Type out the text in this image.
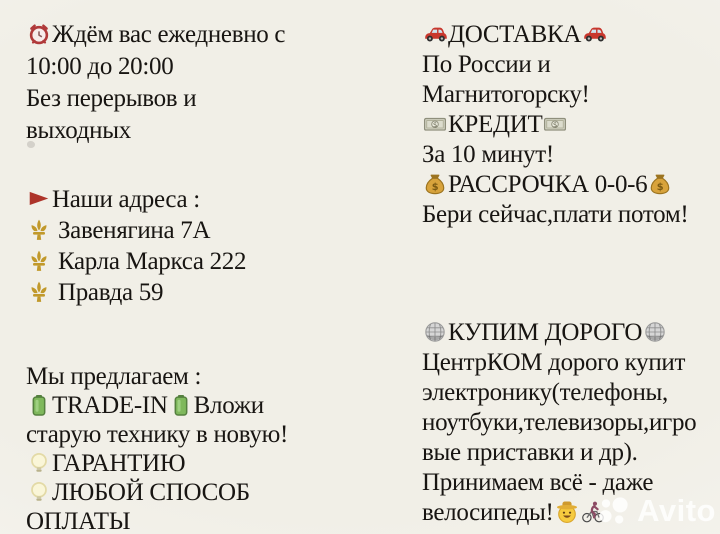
Ждём вас ежедневно с
10:00 до 20:00
Без перерывов и
выходных
Наши адреса :
Завенягина 7А
Карла Маркса 222
Правда 59
Мы предлагаем :
TRADE-IN Вложи
старую технику в новую!
ГАРАНТИЮ
ЛЮБОЙ СПОСОБ
ОПЛАТЫ
ДОСТАВКА
По России и
Магнитогорску!
$ КРЕДИТ $
За 10 минут!
$ РАССРОЧКА 0-0-6 $
Бери сейчас,плати потом!
КУПИМ ДОРОГО
ЦентрКОМ дорого купит
электронику(телефоны,
ноутбуки,телевизоры,игро
вые приставки и др).
Принимаем всё - даже
велосипеды!	Avito
